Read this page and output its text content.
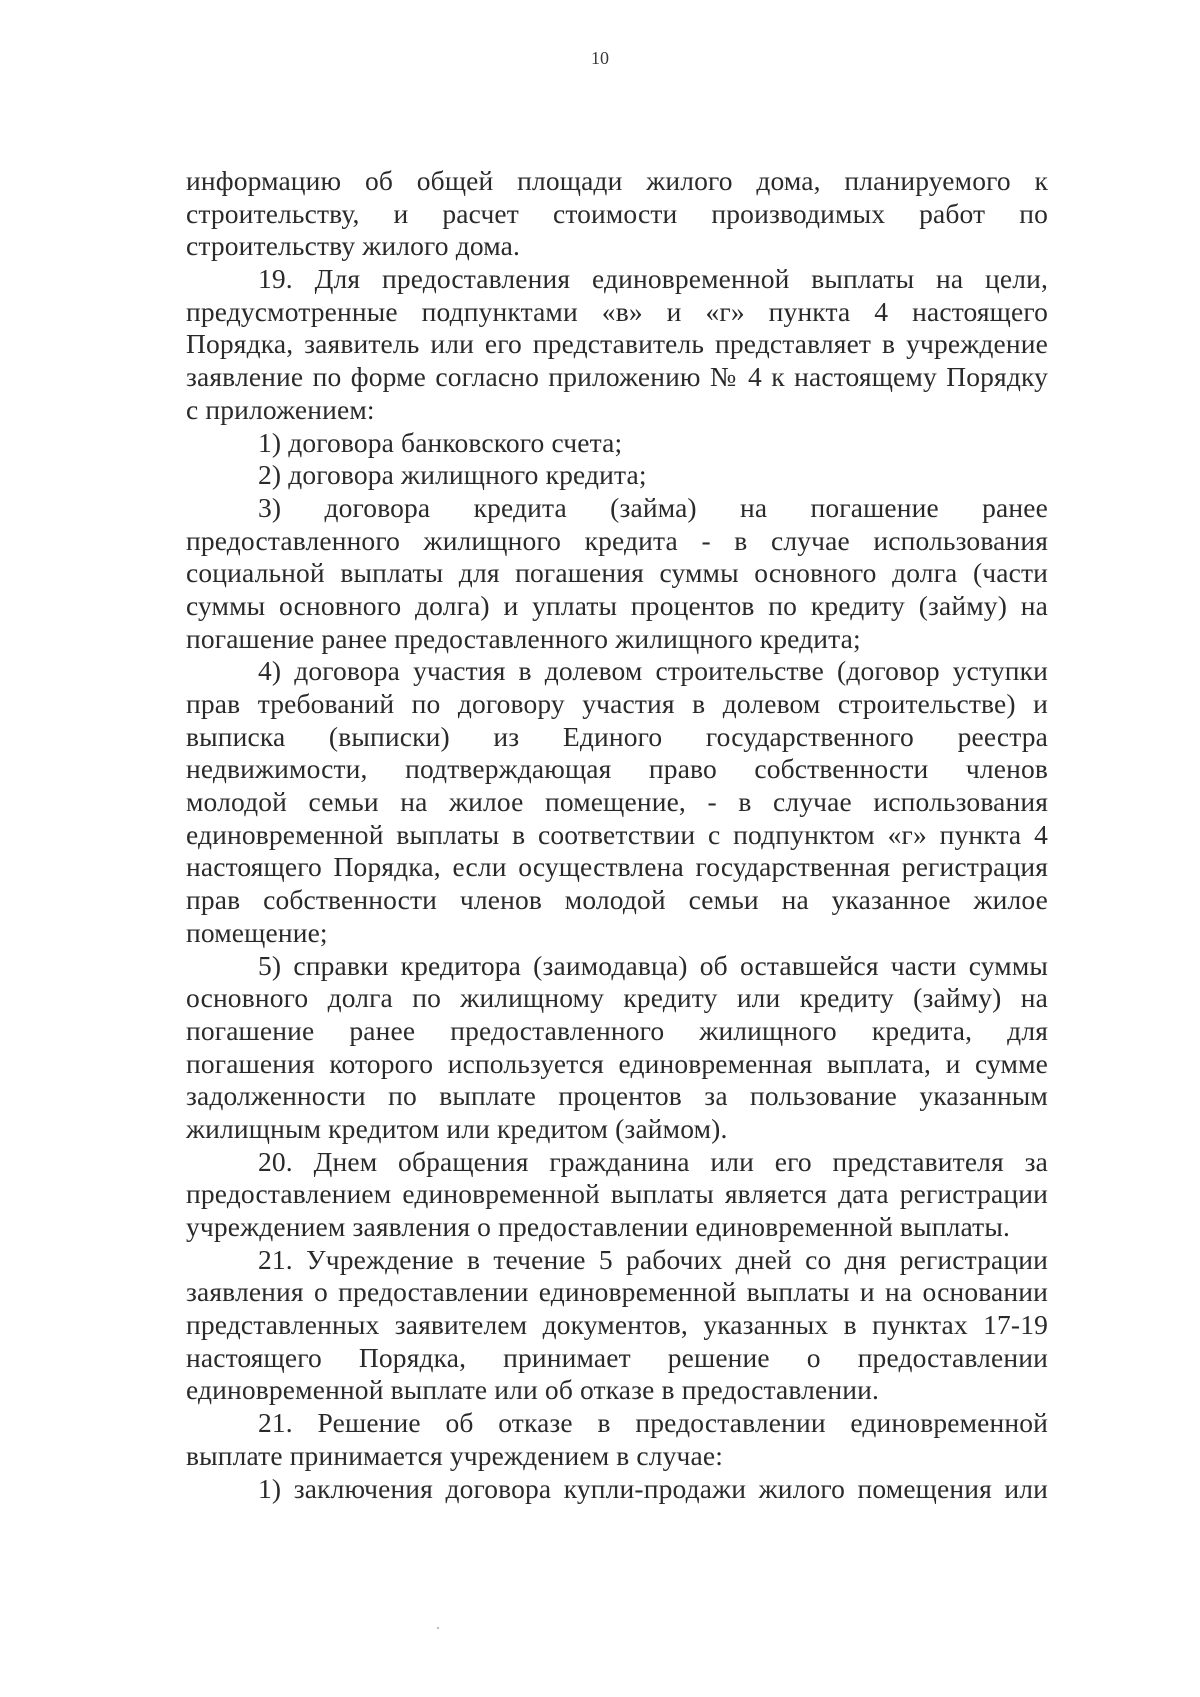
10
информацию об общей площади жилого дома, планируемого к
строительству, и расчет стоимости производимых работ по
строительству жилого дома.
19. Для предоставления единовременной выплаты на цели,
предусмотренные подпунктами «в» и «г» пункта 4 настоящего
Порядка, заявитель или его представитель представляет в учреждение
заявление по форме согласно приложению № 4 к настоящему Порядку
с приложением:
1) договора банковского счета;
2) договора жилищного кредита;
3) договора кредита (займа) на погашение ранее
предоставленного жилищного кредита - в случае использования
социальной выплаты для погашения суммы основного долга (части
суммы основного долга) и уплаты процентов по кредиту (займу) на
погашение ранее предоставленного жилищного кредита;
4) договора участия в долевом строительстве (договор уступки
прав требований по договору участия в долевом строительстве) и
выписка (выписки) из Единого государственного реестра
недвижимости, подтверждающая право собственности членов
молодой семьи на жилое помещение, - в случае использования
единовременной выплаты в соответствии с подпунктом «г» пункта 4
настоящего Порядка, если осуществлена государственная регистрация
прав собственности членов молодой семьи на указанное жилое
помещение;
5) справки кредитора (заимодавца) об оставшейся части суммы
основного долга по жилищному кредиту или кредиту (займу) на
погашение ранее предоставленного жилищного кредита, для
погашения которого используется единовременная выплата, и сумме
задолженности по выплате процентов за пользование указанным
жилищным кредитом или кредитом (займом).
20. Днем обращения гражданина или его представителя за
предоставлением единовременной выплаты является дата регистрации
учреждением заявления о предоставлении единовременной выплаты.
21. Учреждение в течение 5 рабочих дней со дня регистрации
заявления о предоставлении единовременной выплаты и на основании
представленных заявителем документов, указанных в пунктах 17-19
настоящего Порядка, принимает решение о предоставлении
единовременной выплате или об отказе в предоставлении.
21. Решение об отказе в предоставлении единовременной
выплате принимается учреждением в случае:
1) заключения договора купли-продажи жилого помещения или
